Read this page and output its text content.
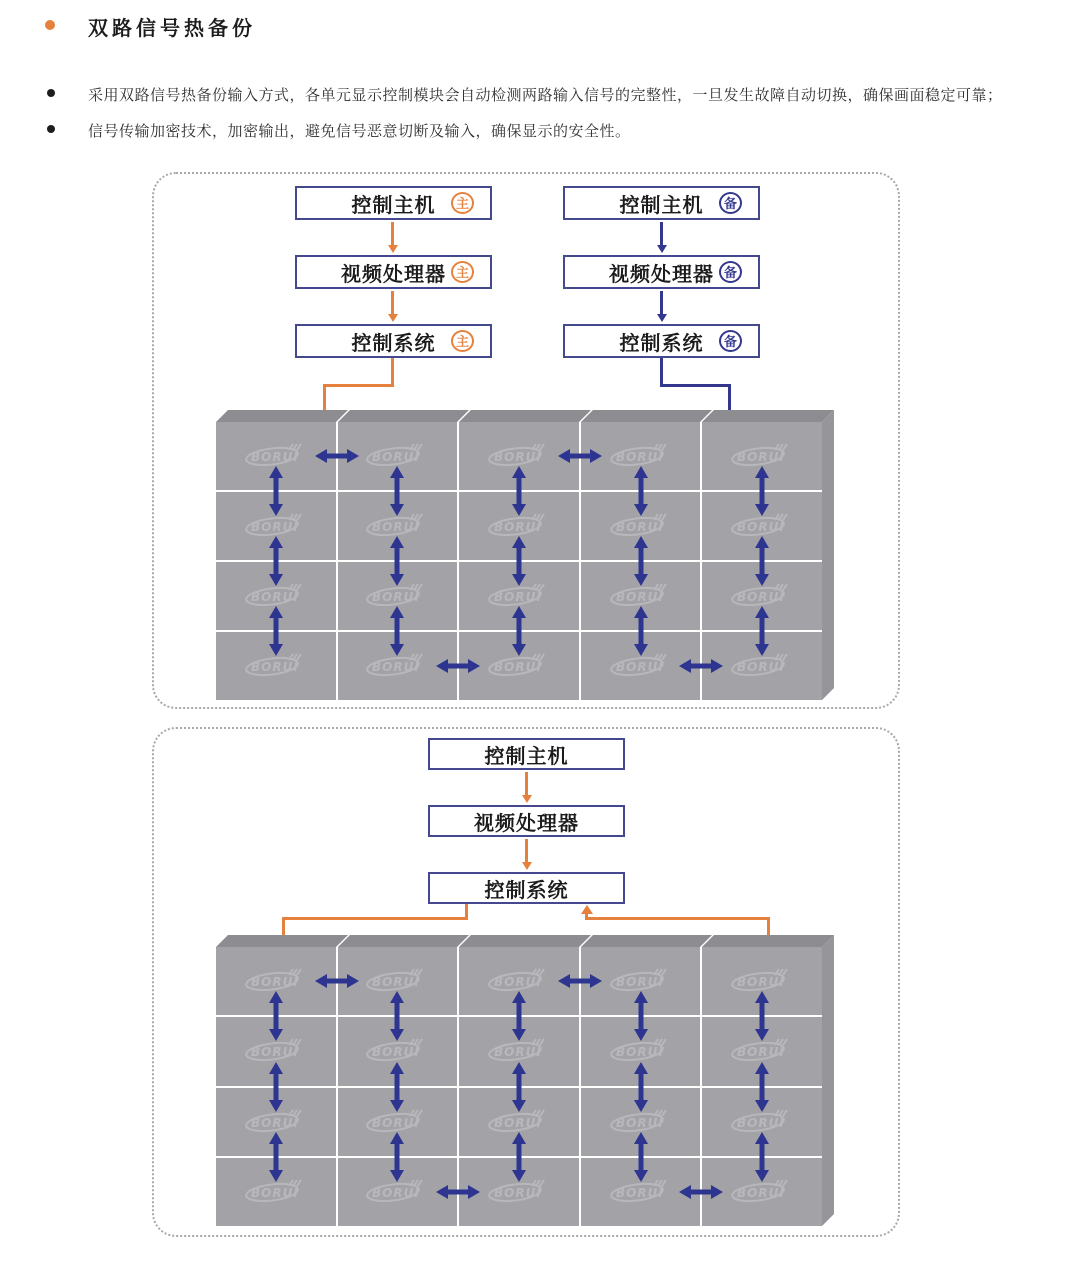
双路信号热备份
采用双路信号热备份输入方式，各单元显示控制模块会自动检测两路输入信号的完整性，一旦发生故障自动切换，确保画面稳定可靠；
信号传输加密技术，加密输出，避免信号恶意切断及输入，确保显示的安全性。
控制主机	主
视频处理器 主
控制系统	主
控制主机	备
视频处理器 备
控制系统	备
BORUI	BORUI	BORUI	BORUI	BORUI
BORUI	BORUI	BORUI	BORUI	BORUI
BORUI	BORUI	BORUI	BORUI	BORUI
BORUI	BORUI	BORUI	BORUI	BORUI
控制主机
视频处理器
控制系统
BORUI	BORUI	BORUI	BORUI	BORUI
BORUI	BORUI	BORUI	BORUI	BORUI
BORUI	BORUI	BORUI	BORUI	BORUI
BORUI	BORUI	BORUI	BORUI	BORUI
